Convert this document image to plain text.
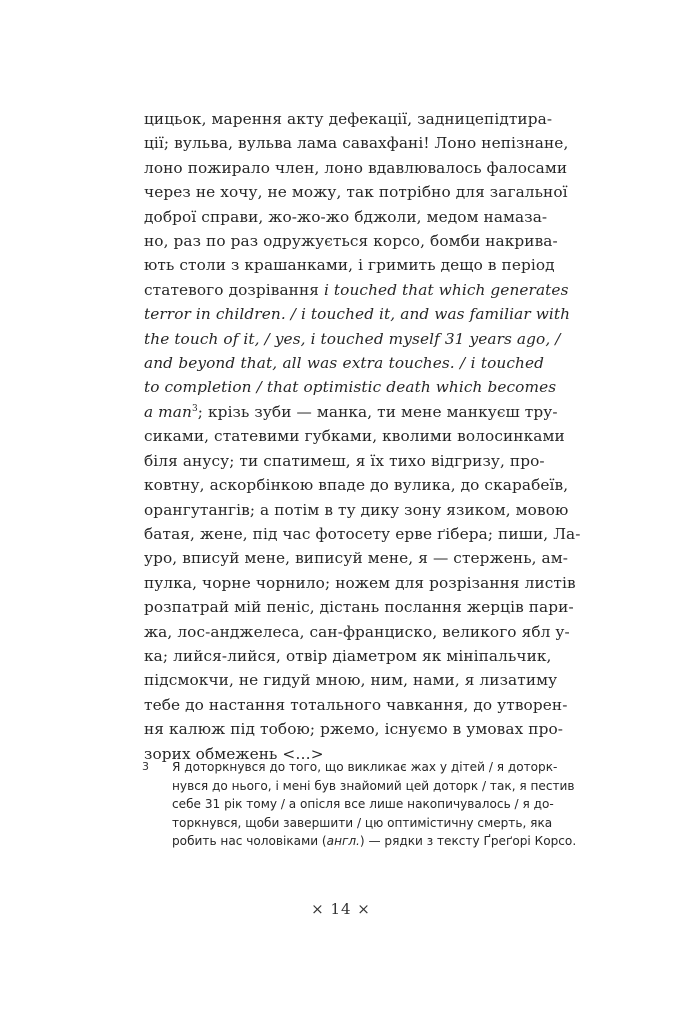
цицьок, марення акту дефекації, задницепідтира-
ції; вульва, вульва лама савахфані! Лоно непізнане,
лоно пожирало член, лоно вдавлювалось фалосами
через не хочу, не можу, так потрібно для загальної
доброї справи, жо-жо-жо бджоли, медом намаза-
но, раз по раз одружується корсо, бомби накрива-
ють столи з крашанками, і гримить дещо в період
статевого дозрівання i touched that which generates
terror in children. / i touched it, and was familiar with
the touch of it, / yes, i touched myself 31 years ago, /
and beyond that, all was extra touches. / i touched
to completion / that optimistic death which becomes
a man$^3$; крізь зуби — манка, ти мене манкуєш тру-
сиками, статевими губками, кволими волосинками
біля анусу; ти спатимеш, я їх тихо відгризу, про-
ковтну, аскорбінкою впаде до вулика, до скарабеїв,
орангутангів; а потім в ту дику зону язиком, мовою
батая, жене, під час фотосету ерве ґібера; пиши, Ла-
уро, вписуй мене, виписуй мене, я — стержень, ам-
пулка, чорне чорнило; ножем для розрізання листів
розпатрай мій пеніс, дістань послання жерців пари-
жа, лос-анджелеса, сан-франциско, великого ябл у-
ка; лийся-лийся, отвір діаметром як мініпальчик,
підсмокчи, не гидуй мною, ним, нами, я лизатиму
тебе до настання тотального чавкання, до утворен-
ня калюж під тобою; ржемо, існуємо в умовах про-
зорих обмежень <…>
3 Я доторкнувся до того, що викликає жах у дітей / я доторк-
нувся до нього, і мені був знайомий цей доторк / так, я пестив
себе 31 рік тому / а опісля все лише накопичувалось / я до-
торкнувся, щоби завершити / цю оптимістичну смерть, яка
робить нас чоловіками (англ.) — рядки з тексту Ґреґорі Корсо.
× 14 ×
